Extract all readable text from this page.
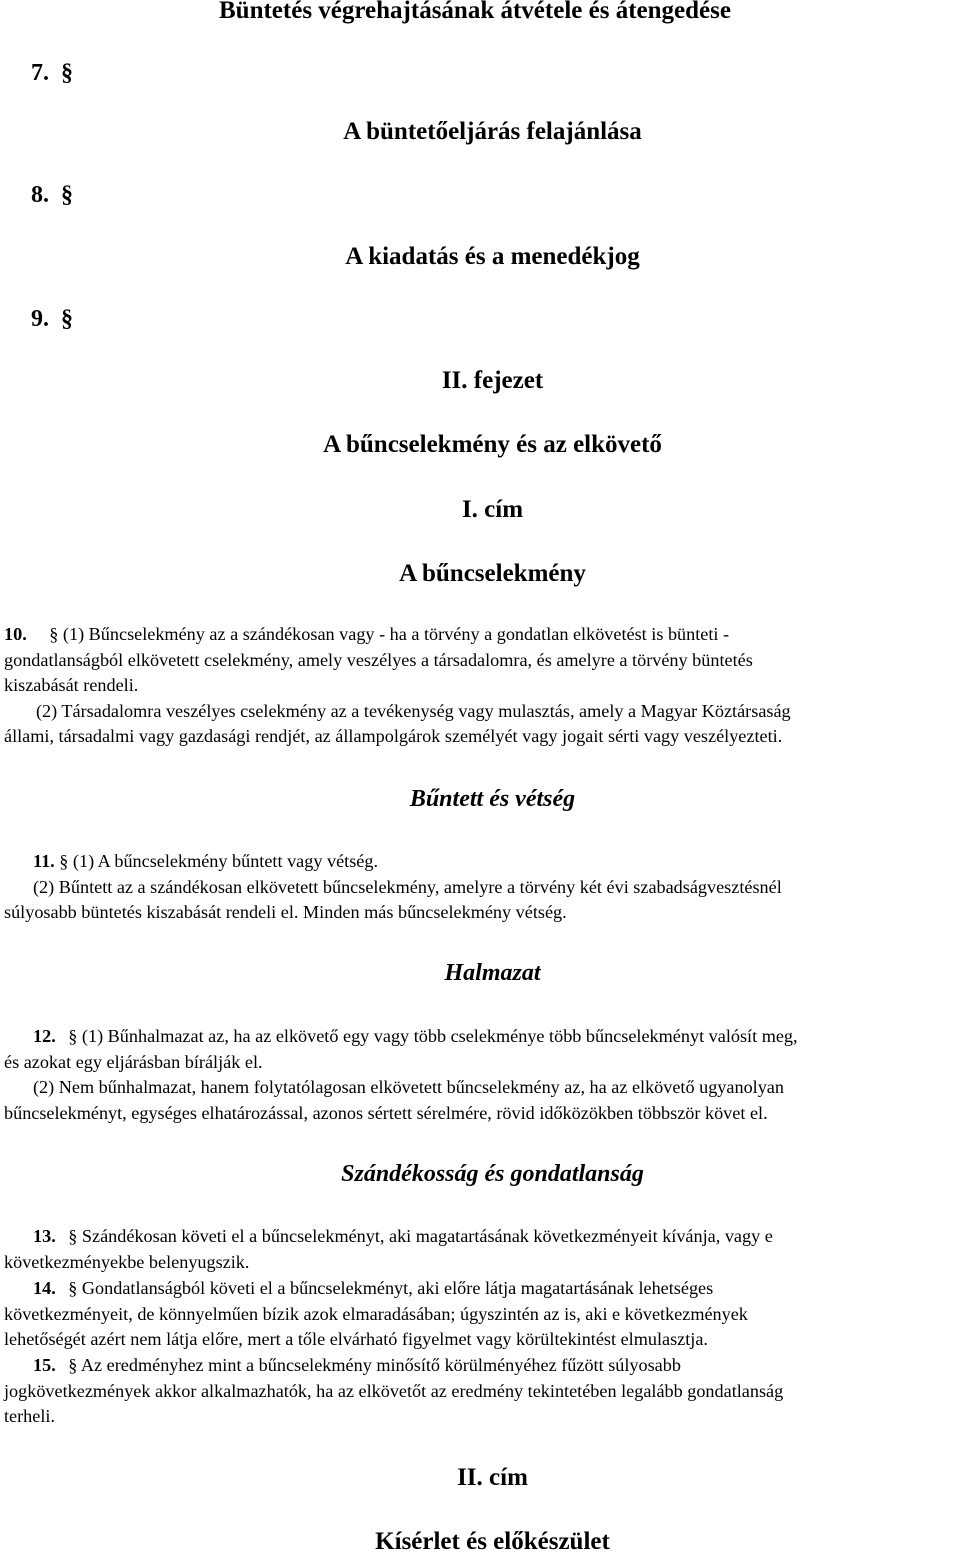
Büntetés végrehajtásának átvétele és átengedése
7. §
A büntetőeljárás felajánlása
8. §
A kiadatás és a menedékjog
9. §
II. fejezet
A bűncselekmény és az elkövető
I. cím
A bűncselekmény
10. § (1) Bűncselekmény az a szándékosan vagy - ha a törvény a gondatlan elkövetést is bünteti -
gondatlanságból elkövetett cselekmény, amely veszélyes a társadalomra, és amelyre a törvény büntetés
kiszabását rendeli.
(2) Társadalomra veszélyes cselekmény az a tevékenység vagy mulasztás, amely a Magyar Köztársaság
állami, társadalmi vagy gazdasági rendjét, az állampolgárok személyét vagy jogait sérti vagy veszélyezteti.
Bűntett és vétség
11. § (1) A bűncselekmény bűntett vagy vétség.
(2) Bűntett az a szándékosan elkövetett bűncselekmény, amelyre a törvény két évi szabadságvesztésnél
súlyosabb büntetés kiszabását rendeli el. Minden más bűncselekmény vétség.
Halmazat
12. § (1) Bűnhalmazat az, ha az elkövető egy vagy több cselekménye több bűncselekményt valósít meg,
és azokat egy eljárásban bírálják el.
(2) Nem bűnhalmazat, hanem folytatólagosan elkövetett bűncselekmény az, ha az elkövető ugyanolyan
bűncselekményt, egységes elhatározással, azonos sértett sérelmére, rövid időközökben többször követ el.
Szándékosság és gondatlanság
13. § Szándékosan követi el a bűncselekményt, aki magatartásának következményeit kívánja, vagy e
következményekbe belenyugszik.
14. § Gondatlanságból követi el a bűncselekményt, aki előre látja magatartásának lehetséges
következményeit, de könnyelműen bízik azok elmaradásában; úgyszintén az is, aki e következmények
lehetőségét azért nem látja előre, mert a tőle elvárható figyelmet vagy körültekintést elmulasztja.
15. § Az eredményhez mint a bűncselekmény minősítő körülményéhez fűzött súlyosabb
jogkövetkezmények akkor alkalmazhatók, ha az elkövetőt az eredmény tekintetében legalább gondatlanság
terheli.
II. cím
Kísérlet és előkészület
